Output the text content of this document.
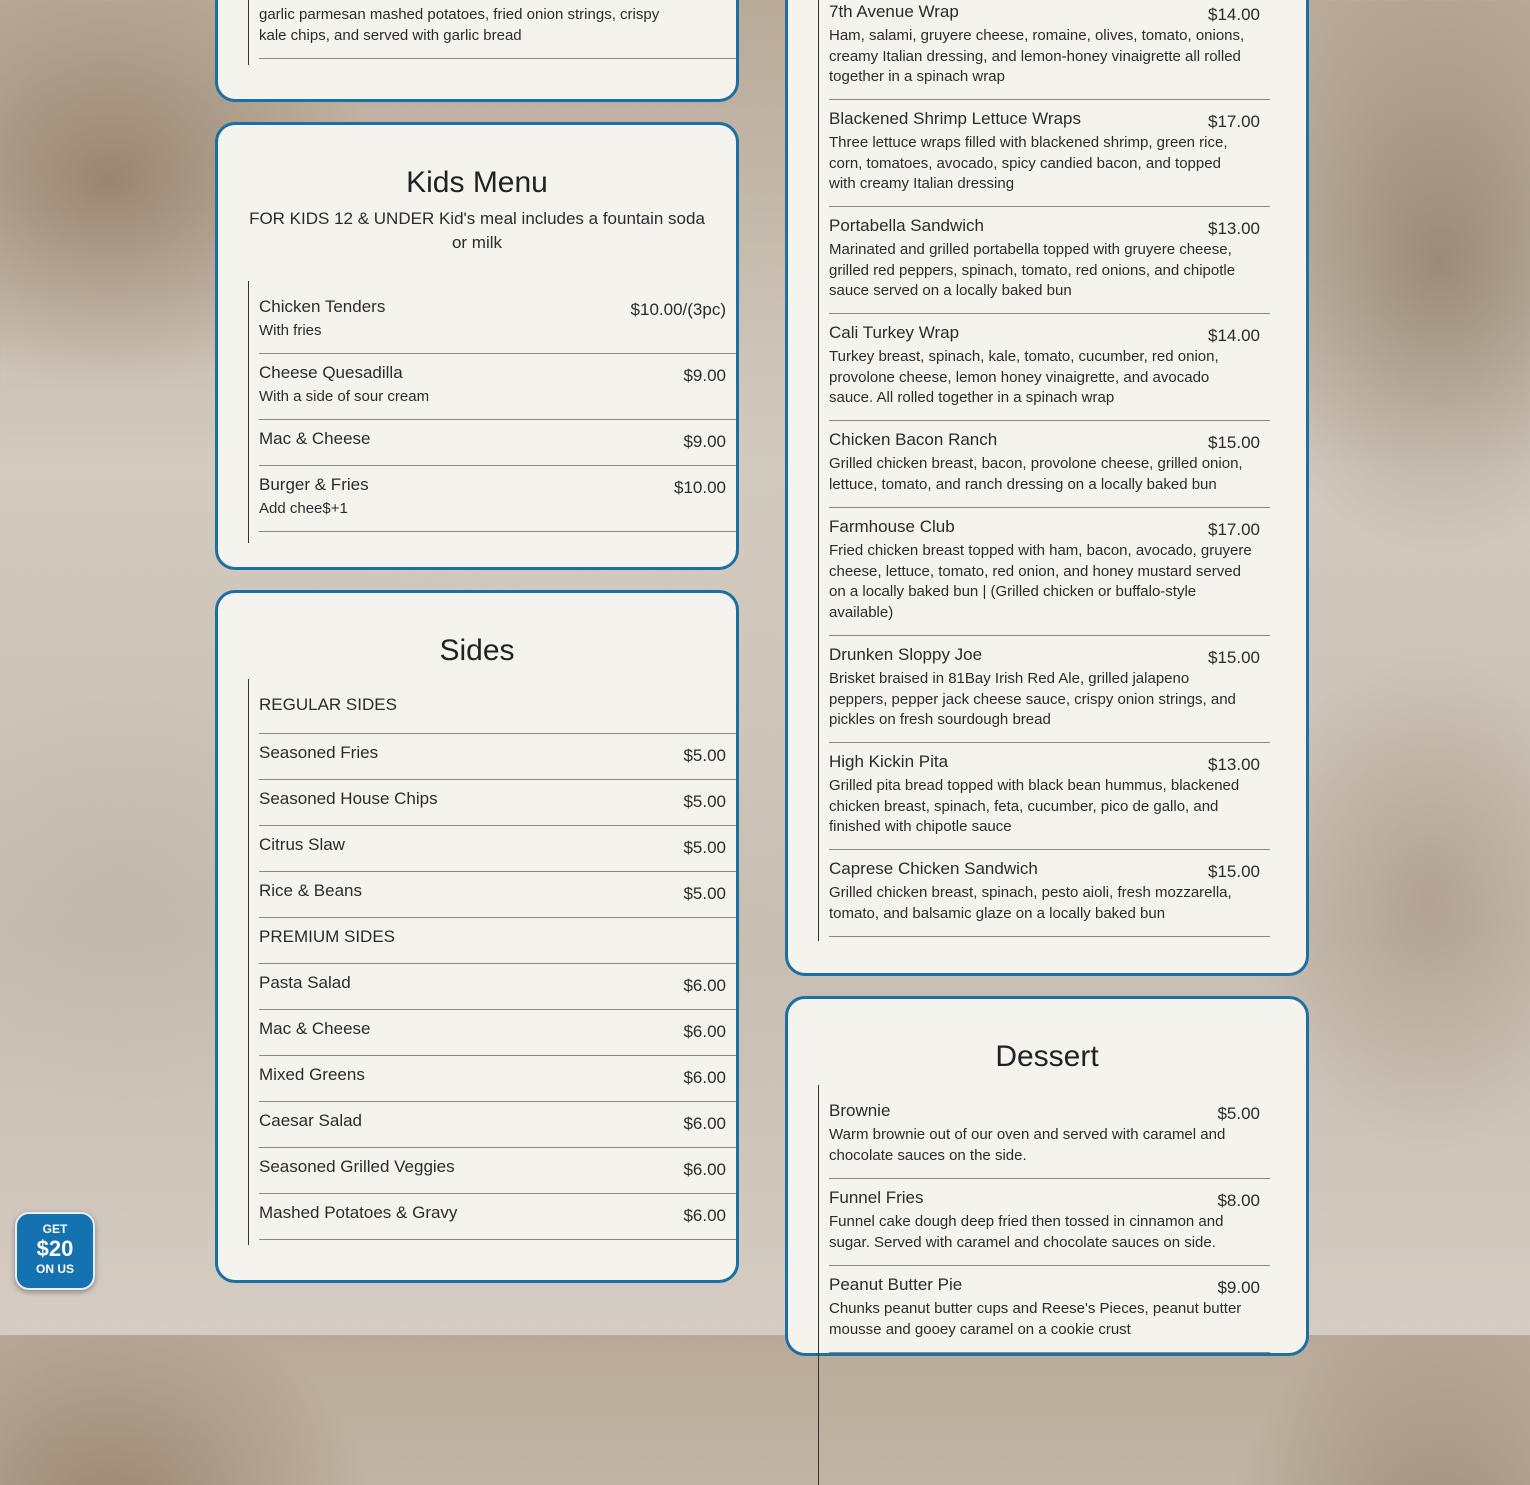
garlic parmesan mashed potatoes, fried onion strings, crispy
kale chips, and served with garlic bread
Kids Menu
FOR KIDS 12 & UNDER Kid's meal includes a fountain soda or milk
Chicken Tenders	$10.00/(3pc)
With fries
Cheese Quesadilla	$9.00
With a side of sour cream
Mac & Cheese	$9.00
Burger & Fries	$10.00
Add chee$+1
Sides
REGULAR SIDES
Seasoned Fries	$5.00
Seasoned House Chips	$5.00
Citrus Slaw	$5.00
Rice & Beans	$5.00
PREMIUM SIDES
Pasta Salad	$6.00
Mac & Cheese	$6.00
Mixed Greens	$6.00
Caesar Salad	$6.00
Seasoned Grilled Veggies	$6.00
Mashed Potatoes & Gravy	$6.00
7th Avenue Wrap	$14.00
Ham, salami, gruyere cheese, romaine, olives, tomato, onions, creamy Italian dressing, and lemon-honey vinaigrette all rolled together in a spinach wrap
Blackened Shrimp Lettuce Wraps	$17.00
Three lettuce wraps filled with blackened shrimp, green rice, corn, tomatoes, avocado, spicy candied bacon, and topped with creamy Italian dressing
Portabella Sandwich	$13.00
Marinated and grilled portabella topped with gruyere cheese, grilled red peppers, spinach, tomato, red onions, and chipotle sauce served on a locally baked bun
Cali Turkey Wrap	$14.00
Turkey breast, spinach, kale, tomato, cucumber, red onion, provolone cheese, lemon honey vinaigrette, and avocado sauce. All rolled together in a spinach wrap
Chicken Bacon Ranch	$15.00
Grilled chicken breast, bacon, provolone cheese, grilled onion, lettuce, tomato, and ranch dressing on a locally baked bun
Farmhouse Club	$17.00
Fried chicken breast topped with ham, bacon, avocado, gruyere cheese, lettuce, tomato, red onion, and honey mustard served on a locally baked bun | (Grilled chicken or buffalo-style available)
Drunken Sloppy Joe	$15.00
Brisket braised in 81Bay Irish Red Ale, grilled jalapeno peppers, pepper jack cheese sauce, crispy onion strings, and pickles on fresh sourdough bread
High Kickin Pita	$13.00
Grilled pita bread topped with black bean hummus, blackened chicken breast, spinach, feta, cucumber, pico de gallo, and finished with chipotle sauce
Caprese Chicken Sandwich	$15.00
Grilled chicken breast, spinach, pesto aioli, fresh mozzarella, tomato, and balsamic glaze on a locally baked bun
Dessert
Brownie	$5.00
Warm brownie out of our oven and served with caramel and chocolate sauces on the side.
Funnel Fries	$8.00
Funnel cake dough deep fried then tossed in cinnamon and sugar. Served with caramel and chocolate sauces on side.
Peanut Butter Pie	$9.00
Chunks peanut butter cups and Reese's Pieces, peanut butter mousse and gooey caramel on a cookie crust
GET
$20
ON US
